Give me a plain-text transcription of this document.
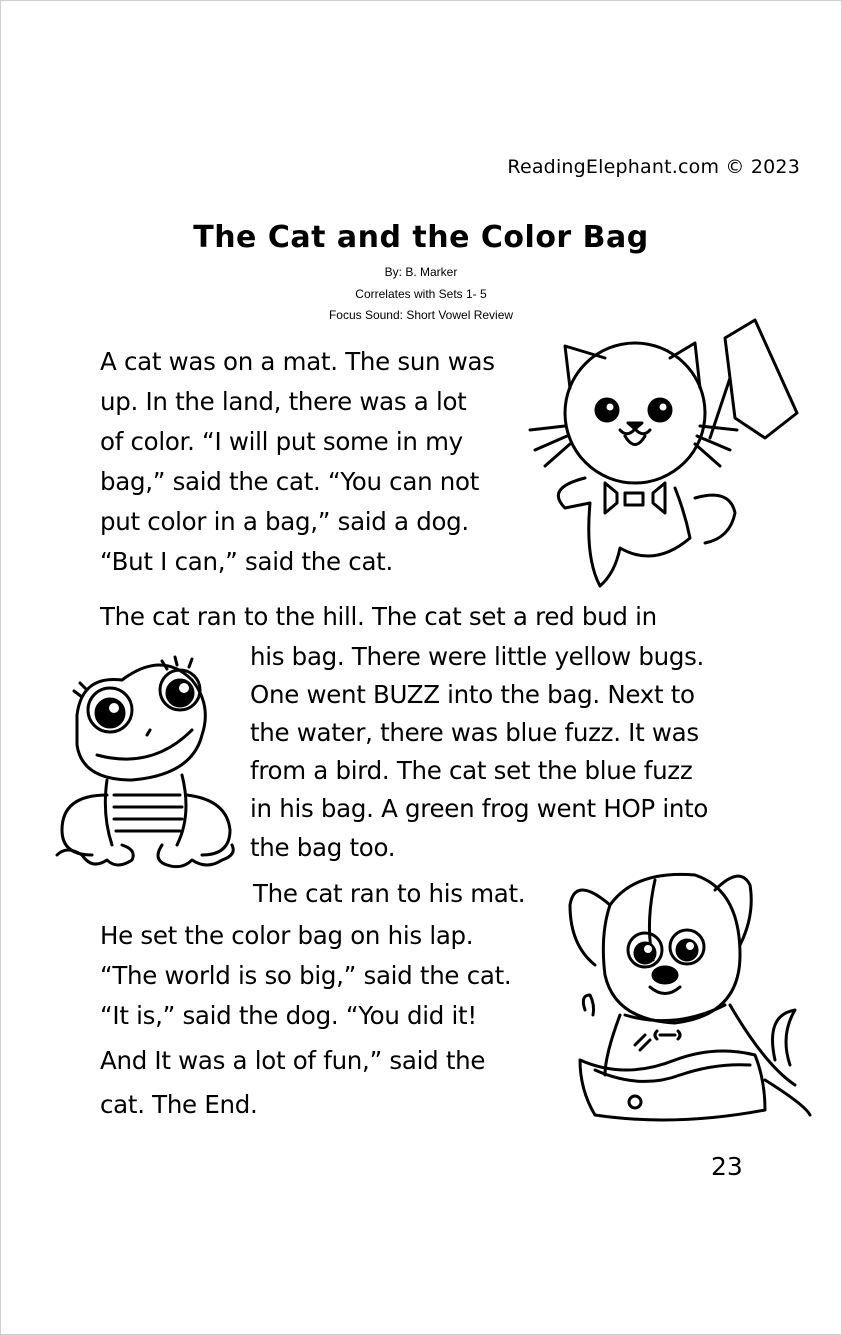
ReadingElephant.com © 2023
The Cat and the Color Bag
By: B. Marker
Correlates with Sets 1- 5
Focus Sound: Short Vowel Review
A cat was on a mat. The sun was
up. In the land, there was a lot
of color. “I will put some in my
bag,” said the cat. “You can not
put color in a bag,” said a dog.
“But I can,” said the cat.
The cat ran to the hill. The cat set a red bud in
his bag. There were little yellow bugs.
One went BUZZ into the bag. Next to
the water, there was blue fuzz. It was
from a bird. The cat set the blue fuzz
in his bag. A green frog went HOP into
the bag too.
The cat ran to his mat.
He set the color bag on his lap.
“The world is so big,” said the cat.
“It is,” said the dog. “You did it!
And It was a lot of fun,” said the
cat. The End.
23
